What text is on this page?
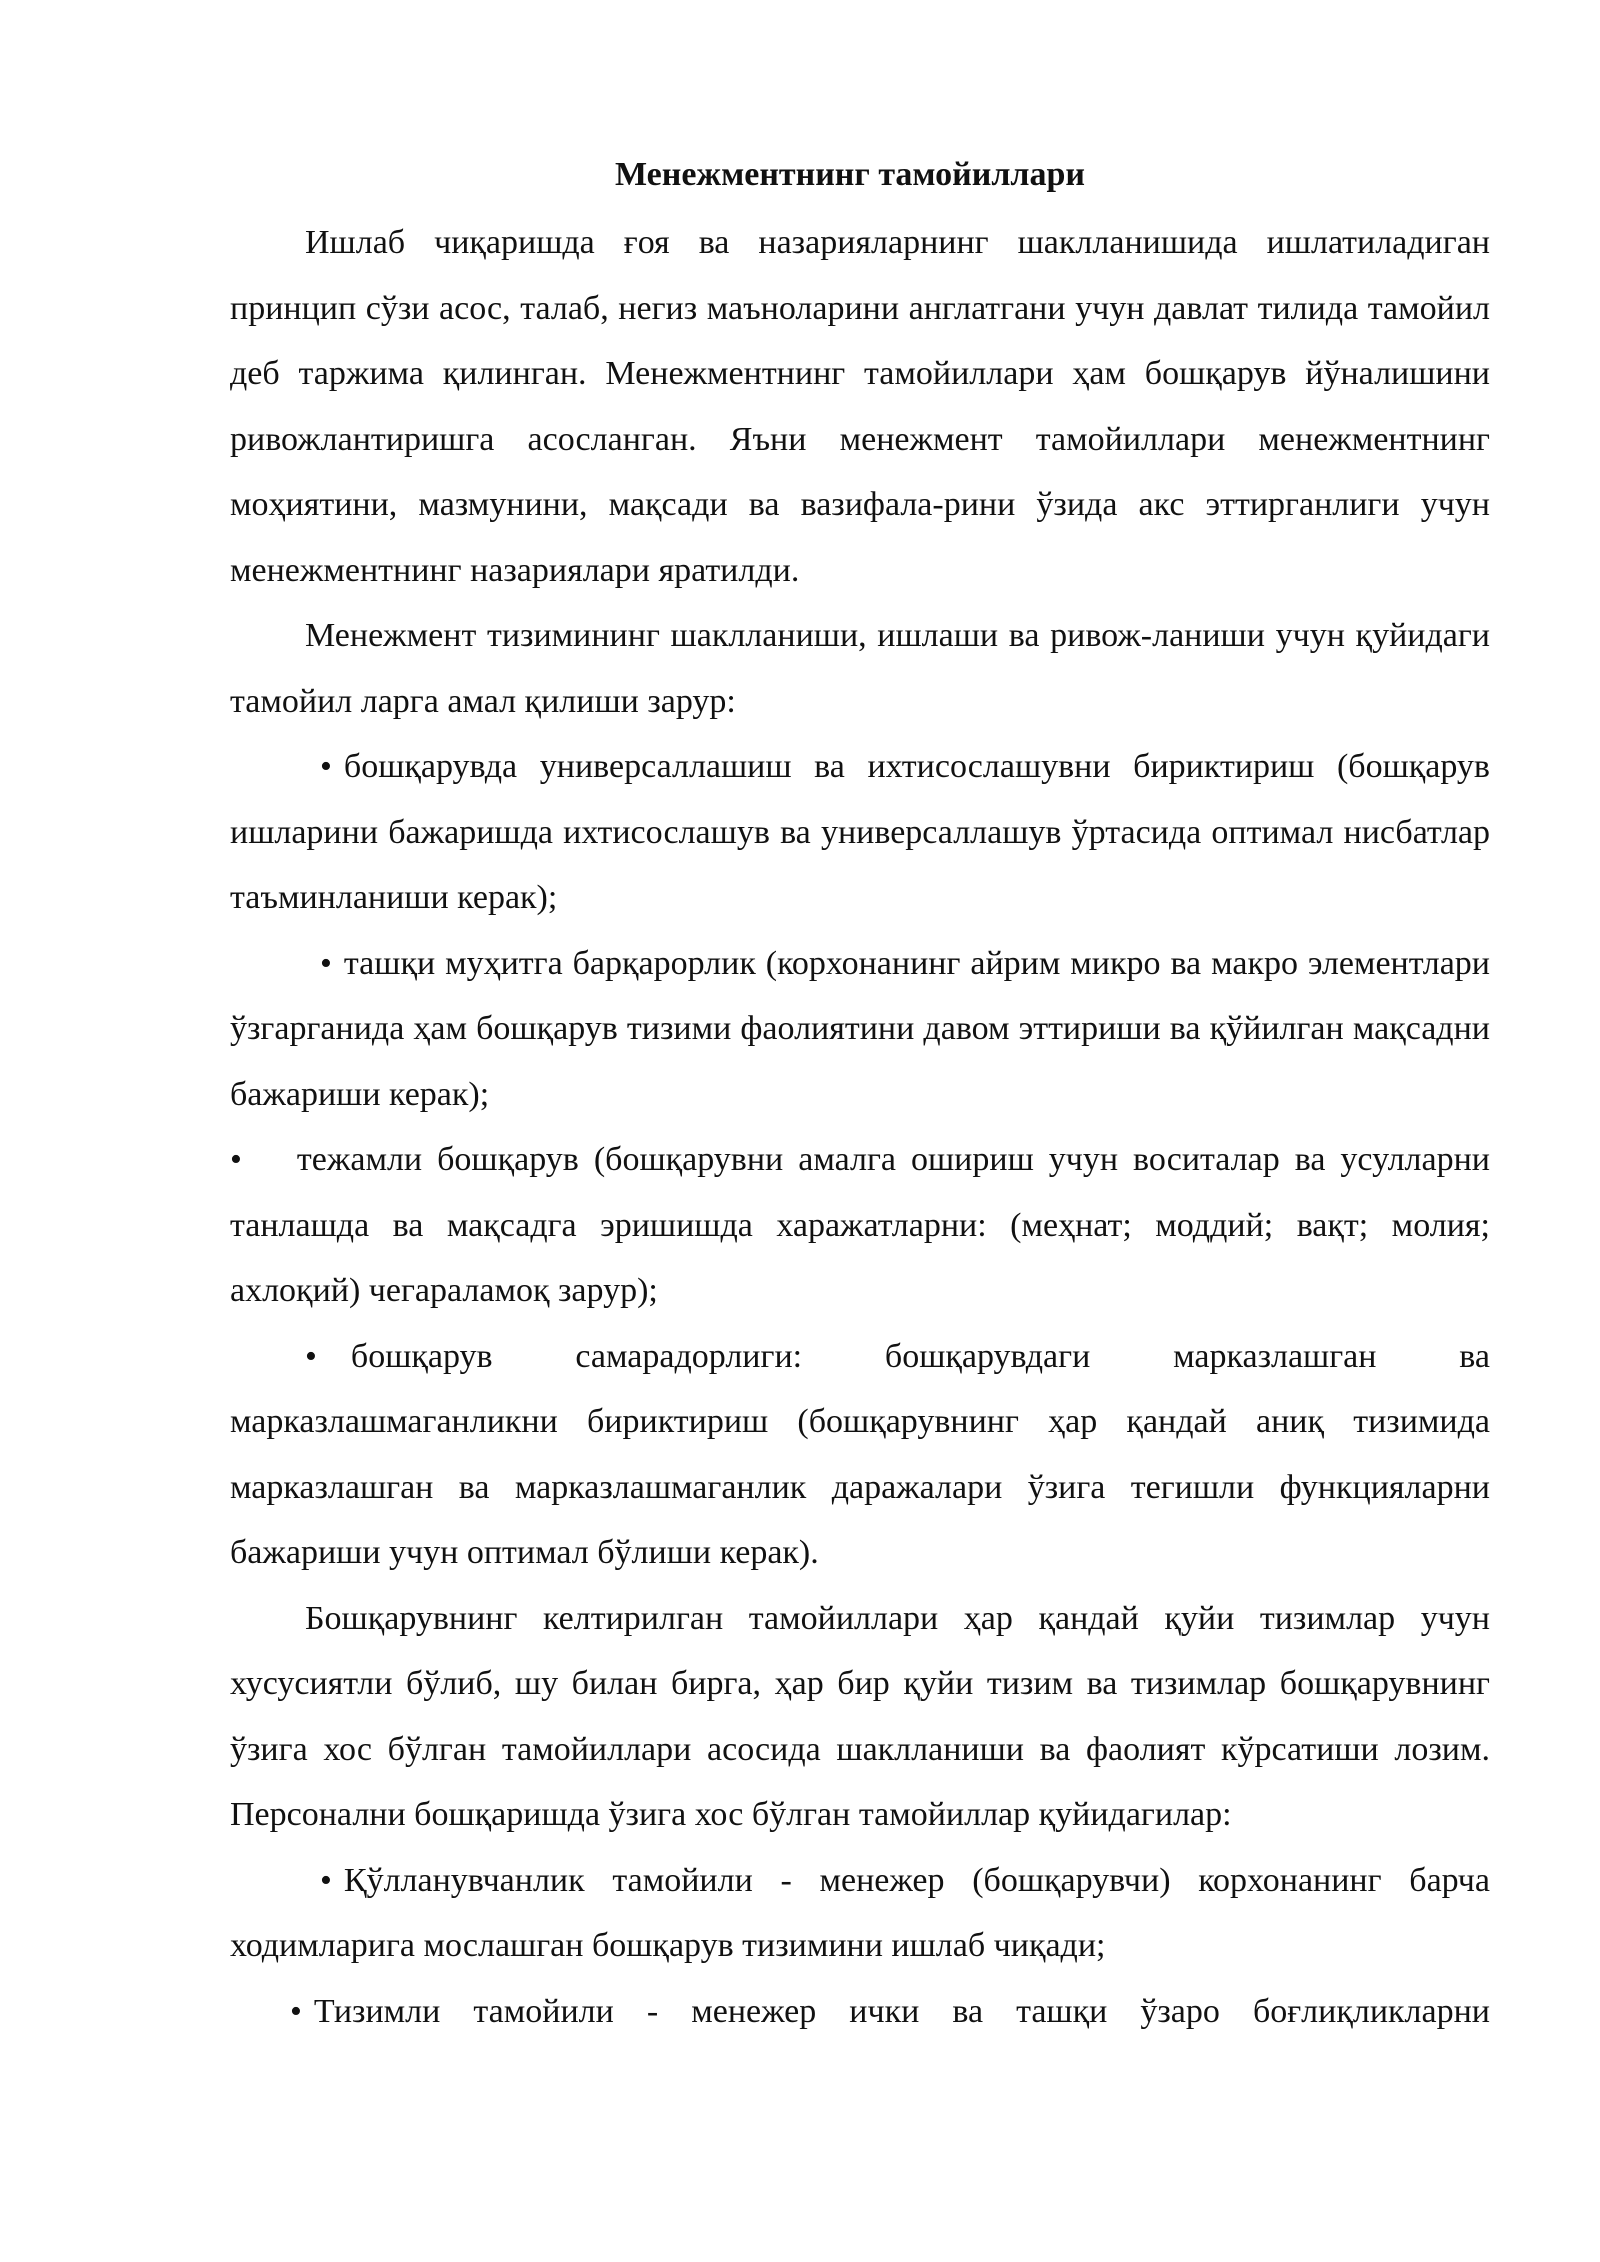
Менежментнинг тамойиллари

Ишлаб чиқаришда ғоя ва назарияларнинг шаклланишида ишлатиладиган принцип сўзи асос, талаб, негиз маъноларини англатгани учун давлат тилида тамойил деб таржима қилинган. Менежментнинг тамойиллари ҳам бошқарув йўналишини ривожлантиришга асосланган. Яъни менежмент тамойиллари менежментнинг моҳиятини, мазмунини, мақсади ва вазифала-рини ўзида акс эттирганлиги учун менежментнинг назариялари яратилди.

Менежмент тизимининг шаклланиши, ишлаши ва ривож-ланиши учун қуйидаги тамойил ларга амал қилиши зарур:

• бошқарувда универсаллашиш ва ихтисослашувни бириктириш (бошқарув ишларини бажаришда ихтисослашув ва универсаллашув ўртасида оптимал нисбатлар таъминланиши керак);

• ташқи муҳитга барқарорлик (корхонанинг айрим микро ва макро элементлари ўзгарганида ҳам бошқарув тизими фаолиятини давом эттириши ва қўйилган мақсадни бажариши керак);

• тежамли бошқарув (бошқарувни амалга ошириш учун воситалар ва усулларни танлашда ва мақсадга эришишда харажатларни: (меҳнат; моддий; вақт; молия; ахлоқий) чегараламоқ зарур);

• бошқарув самарадорлиги: бошқарувдаги марказлашган ва марказлашмаганликни бириктириш (бошқарувнинг ҳар қандай аниқ тизимида марказлашган ва марказлашмаганлик даражалари ўзига тегишли функцияларни бажариши учун оптимал бўлиши керак).

Бошқарувнинг келтирилган тамойиллари ҳар қандай қуйи тизимлар учун хусусиятли бўлиб, шу билан бирга, ҳар бир қуйи тизим ва тизимлар бошқарувнинг ўзига хос бўлган тамойиллари асосида шаклланиши ва фаолият кўрсатиши лозим. Персонални бошқаришда ўзига хос бўлган тамойиллар қуйидагилар:

• Қўлланувчанлик тамойили - менежер (бошқарувчи) корхонанинг барча ходимларига мослашган бошқарув тизимини ишлаб чиқади;

• Тизимли тамойили - менежер ички ва ташқи ўзаро боғлиқликларни
